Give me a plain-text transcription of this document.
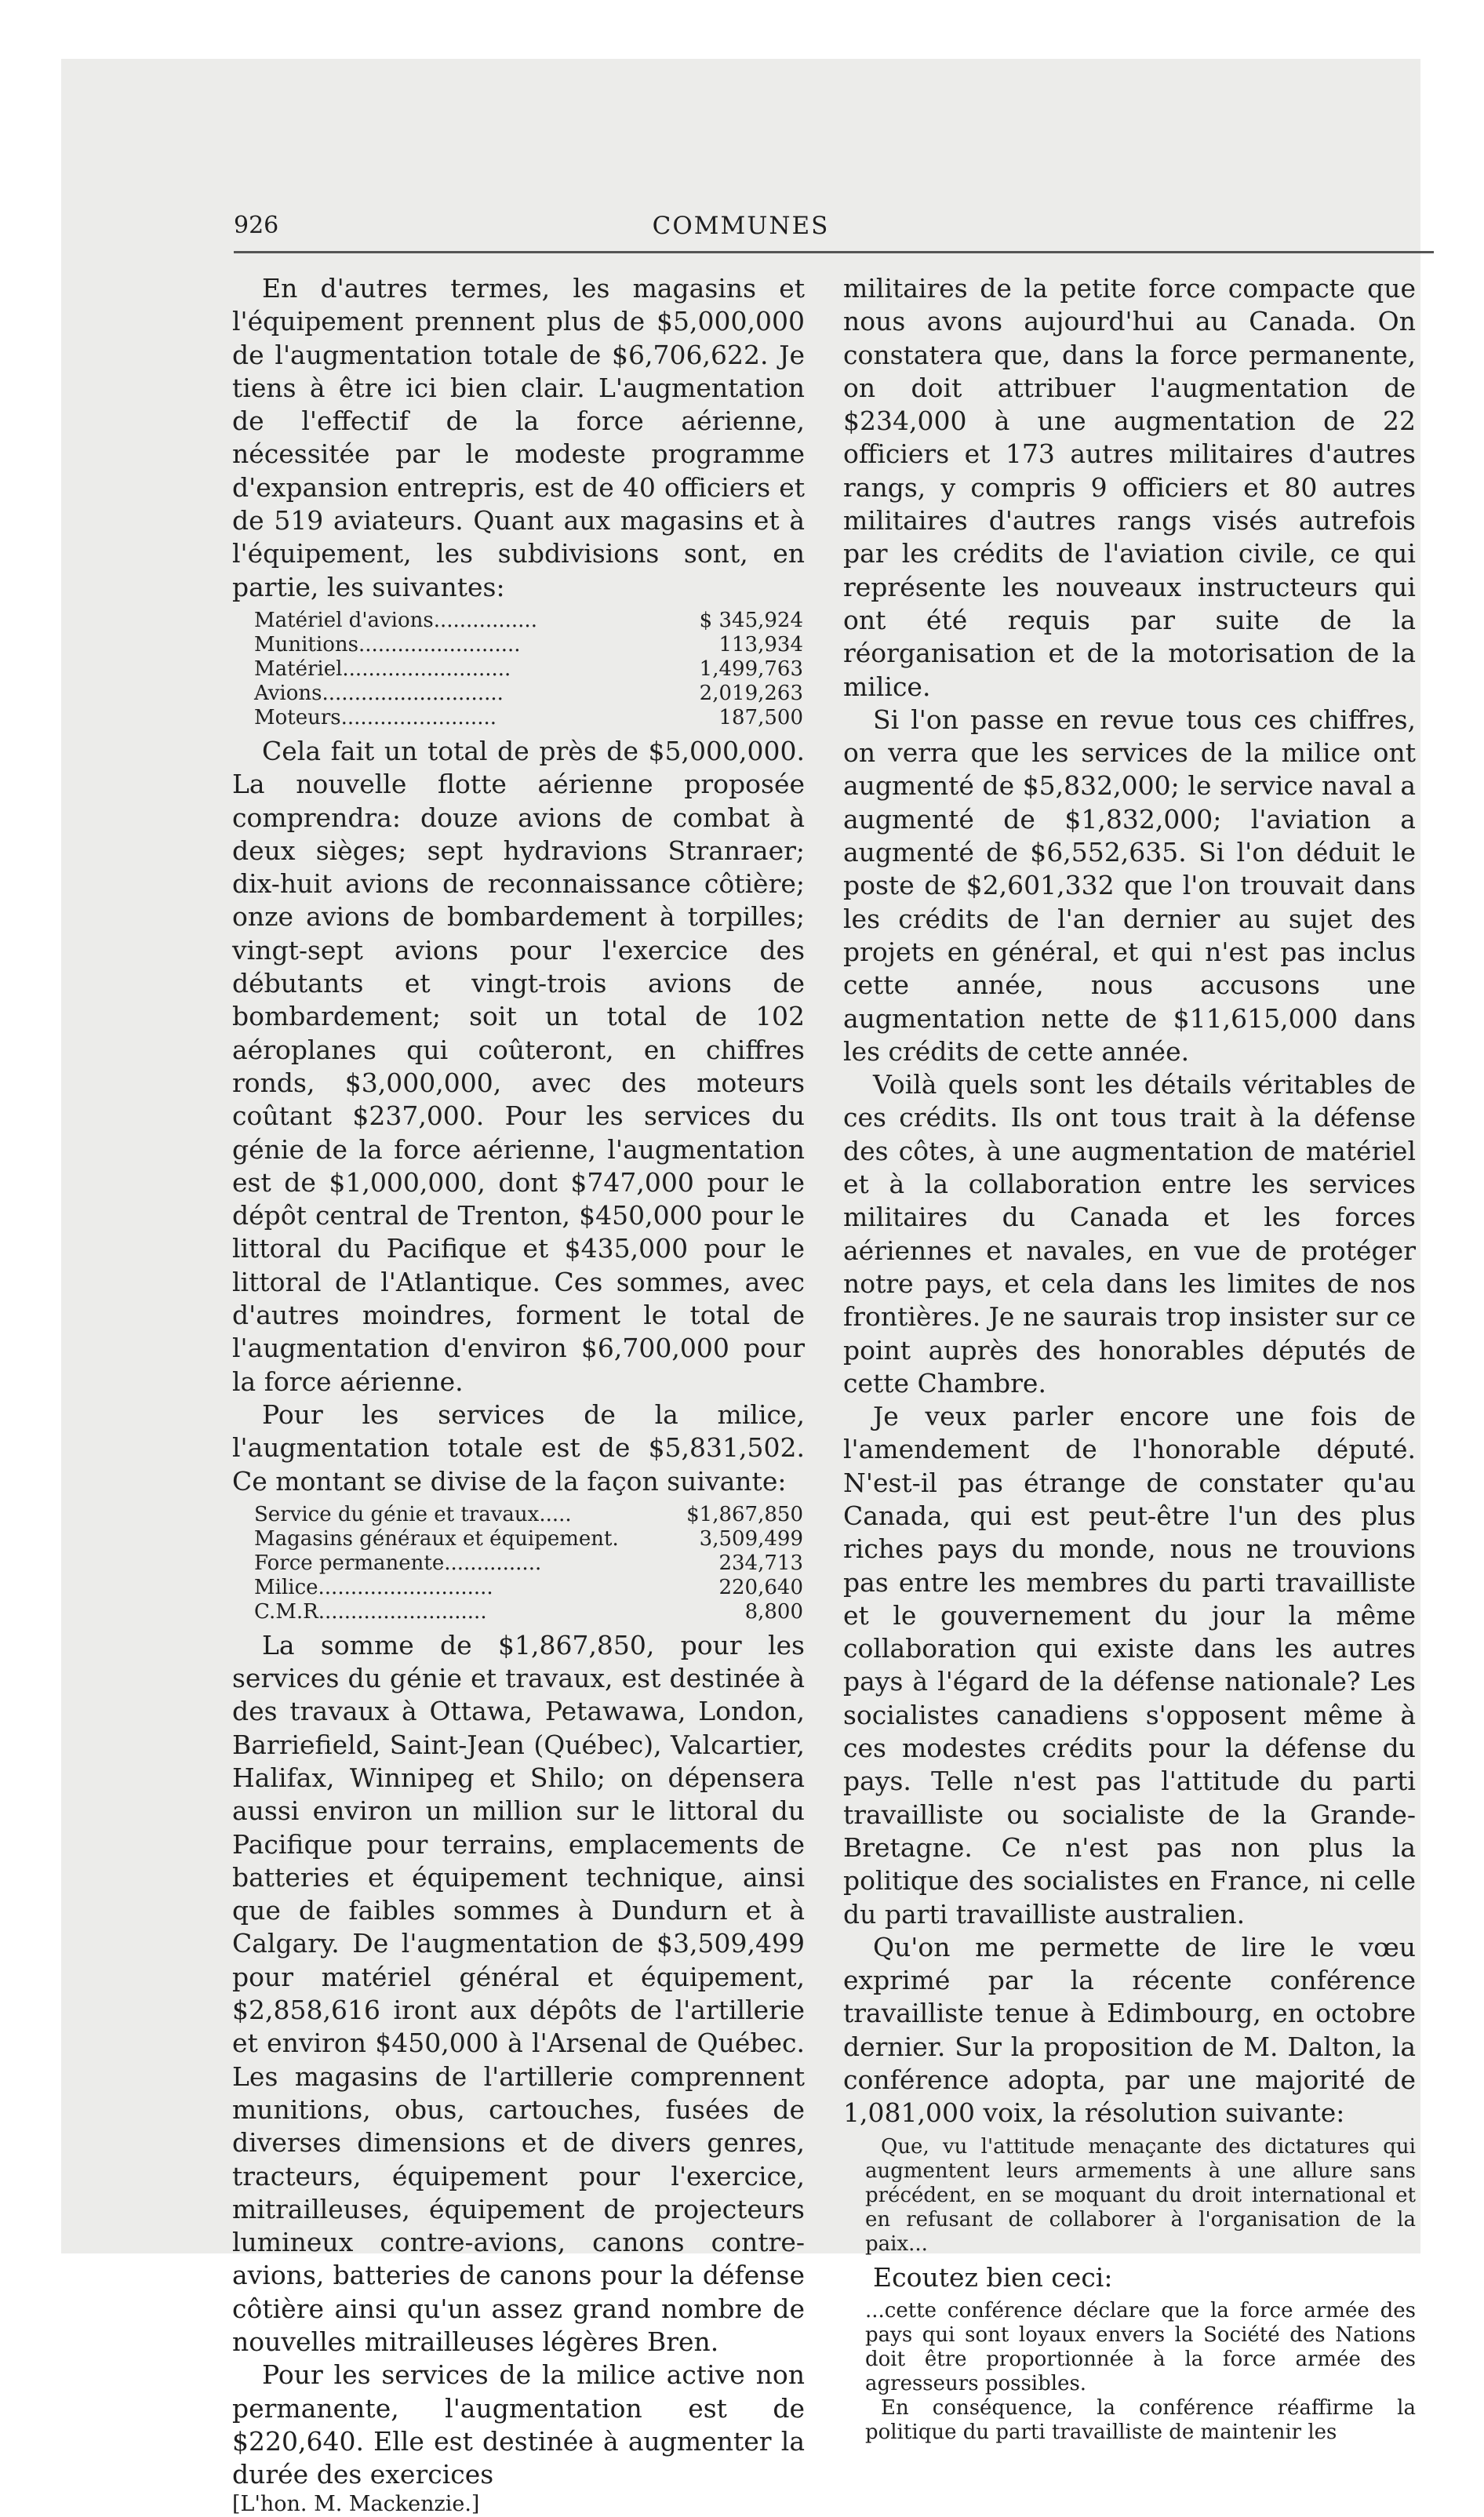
926	COMMUNES

En d'autres termes, les magasins et l'équipement prennent plus de $5,000,000 de l'augmentation totale de $6,706,622. Je tiens à être ici bien clair. L'augmentation de l'effectif de la force aérienne, nécessitée par le modeste programme d'expansion entrepris, est de 40 officiers et de 519 aviateurs. Quant aux magasins et à l'équipement, les subdivisions sont, en partie, les suivantes:

Matériel d'avions................	$ 345,924
Munitions.........................	113,934
Matériel..........................	1,499,763
Avions............................	2,019,263
Moteurs........................	187,500

Cela fait un total de près de $5,000,000. La nouvelle flotte aérienne proposée comprendra: douze avions de combat à deux sièges; sept hydravions Stranraer; dix-huit avions de reconnaissance côtière; onze avions de bombardement à torpilles; vingt-sept avions pour l'exercice des débutants et vingt-trois avions de bombardement; soit un total de 102 aéroplanes qui coûteront, en chiffres ronds, $3,000,000, avec des moteurs coûtant $237,000. Pour les services du génie de la force aérienne, l'augmentation est de $1,000,000, dont $747,000 pour le dépôt central de Trenton, $450,000 pour le littoral du Pacifique et $435,000 pour le littoral de l'Atlantique. Ces sommes, avec d'autres moindres, forment le total de l'augmentation d'environ $6,700,000 pour la force aérienne.

Pour les services de la milice, l'augmentation totale est de $5,831,502. Ce montant se divise de la façon suivante:

Service du génie et travaux.....	$1,867,850
Magasins généraux et équipement.	3,509,499
Force permanente...............	234,713
Milice...........................	220,640
C.M.R..........................	8,800

La somme de $1,867,850, pour les services du génie et travaux, est destinée à des travaux à Ottawa, Petawawa, London, Barriefield, Saint-Jean (Québec), Valcartier, Halifax, Winnipeg et Shilo; on dépensera aussi environ un million sur le littoral du Pacifique pour terrains, emplacements de batteries et équipement technique, ainsi que de faibles sommes à Dundurn et à Calgary. De l'augmentation de $3,509,499 pour matériel général et équipement, $2,858,616 iront aux dépôts de l'artillerie et environ $450,000 à l'Arsenal de Québec. Les magasins de l'artillerie comprennent munitions, obus, cartouches, fusées de diverses dimensions et de divers genres, tracteurs, équipement pour l'exercice, mitrailleuses, équipement de projecteurs lumineux contre-avions, canons contre-avions, batteries de canons pour la défense côtière ainsi qu'un assez grand nombre de nouvelles mitrailleuses légères Bren.

Pour les services de la milice active non permanente, l'augmentation est de $220,640. Elle est destinée à augmenter la durée des exercices

[L'hon. M. Mackenzie.]

militaires de la petite force compacte que nous avons aujourd'hui au Canada. On constatera que, dans la force permanente, on doit attribuer l'augmentation de $234,000 à une augmentation de 22 officiers et 173 autres militaires d'autres rangs, y compris 9 officiers et 80 autres militaires d'autres rangs visés autrefois par les crédits de l'aviation civile, ce qui représente les nouveaux instructeurs qui ont été requis par suite de la réorganisation et de la motorisation de la milice.

Si l'on passe en revue tous ces chiffres, on verra que les services de la milice ont augmenté de $5,832,000; le service naval a augmenté de $1,832,000; l'aviation a augmenté de $6,552,635. Si l'on déduit le poste de $2,601,332 que l'on trouvait dans les crédits de l'an dernier au sujet des projets en général, et qui n'est pas inclus cette année, nous accusons une augmentation nette de $11,615,000 dans les crédits de cette année.

Voilà quels sont les détails véritables de ces crédits. Ils ont tous trait à la défense des côtes, à une augmentation de matériel et à la collaboration entre les services militaires du Canada et les forces aériennes et navales, en vue de protéger notre pays, et cela dans les limites de nos frontières. Je ne saurais trop insister sur ce point auprès des honorables députés de cette Chambre.

Je veux parler encore une fois de l'amendement de l'honorable député. N'est-il pas étrange de constater qu'au Canada, qui est peut-être l'un des plus riches pays du monde, nous ne trouvions pas entre les membres du parti travailliste et le gouvernement du jour la même collaboration qui existe dans les autres pays à l'égard de la défense nationale? Les socialistes canadiens s'opposent même à ces modestes crédits pour la défense du pays. Telle n'est pas l'attitude du parti travailliste ou socialiste de la Grande-Bretagne. Ce n'est pas non plus la politique des socialistes en France, ni celle du parti travailliste australien.

Qu'on me permette de lire le vœu exprimé par la récente conférence travailliste tenue à Edimbourg, en octobre dernier. Sur la proposition de M. Dalton, la conférence adopta, par une majorité de 1,081,000 voix, la résolution suivante:

Que, vu l'attitude menaçante des dictatures qui augmentent leurs armements à une allure sans précédent, en se moquant du droit international et en refusant de collaborer à l'organisation de la paix...

Ecoutez bien ceci:

...cette conférence déclare que la force armée des pays qui sont loyaux envers la Société des Nations doit être proportionnée à la force armée des agresseurs possibles.

En conséquence, la conférence réaffirme la politique du parti travailliste de maintenir les
